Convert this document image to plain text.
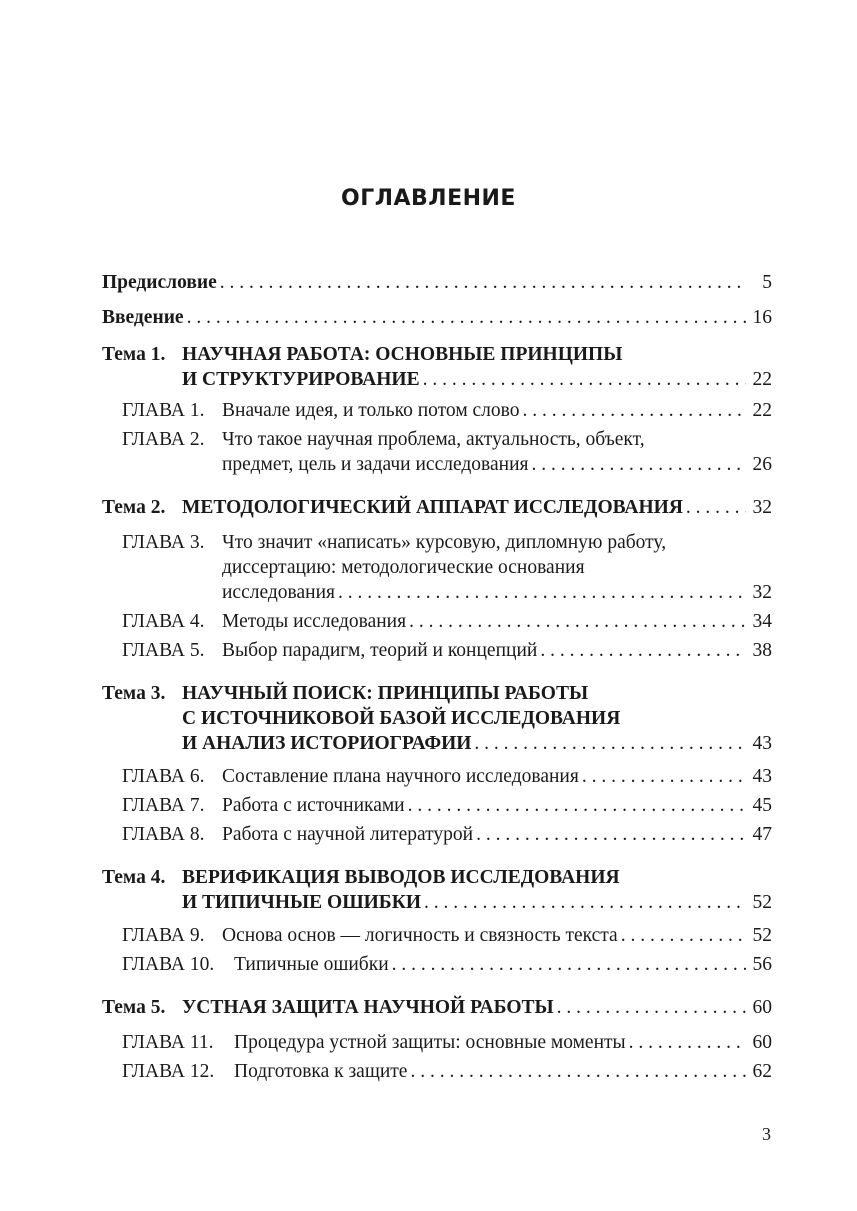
ОГЛАВЛЕНИЕ
Предисловие . . .	5
Введение . . .	16
Тема 1. НАУЧНАЯ РАБОТА: ОСНОВНЫЕ ПРИНЦИПЫ
И СТРУКТУРИРОВАНИЕ . . .	22
ГЛАВА 1. Вначале идея, и только потом слово . . .	22
ГЛАВА 2. Что такое научная проблема, актуальность, объект,
предмет, цель и задачи исследования . . .	26
Тема 2. МЕТОДОЛОГИЧЕСКИЙ АППАРАТ ИССЛЕДОВАНИЯ . . .	32
ГЛАВА 3. Что значит «написать» курсовую, дипломную работу,
диссертацию: методологические основания
исследования . . .	32
ГЛАВА 4. Методы исследования . . .	34
ГЛАВА 5. Выбор парадигм, теорий и концепций . . .	38
Тема 3. НАУЧНЫЙ ПОИСК: ПРИНЦИПЫ РАБОТЫ
С ИСТОЧНИКОВОЙ БАЗОЙ ИССЛЕДОВАНИЯ
И АНАЛИЗ ИСТОРИОГРАФИИ . . .	43
ГЛАВА 6. Составление плана научного исследования . . .	43
ГЛАВА 7. Работа с источниками . . .	45
ГЛАВА 8. Работа с научной литературой . . .	47
Тема 4. ВЕРИФИКАЦИЯ ВЫВОДОВ ИССЛЕДОВАНИЯ
И ТИПИЧНЫЕ ОШИБКИ . . .	52
ГЛАВА 9. Основа основ — логичность и связность текста . . .	52
ГЛАВА 10.	Типичные ошибки . . .	56
Тема 5. УСТНАЯ ЗАЩИТА НАУЧНОЙ РАБОТЫ . . .	60
ГЛАВА 11.	Процедура устной защиты: основные моменты . . .	60
ГЛАВА 12.	Подготовка к защите . . .	62
3
